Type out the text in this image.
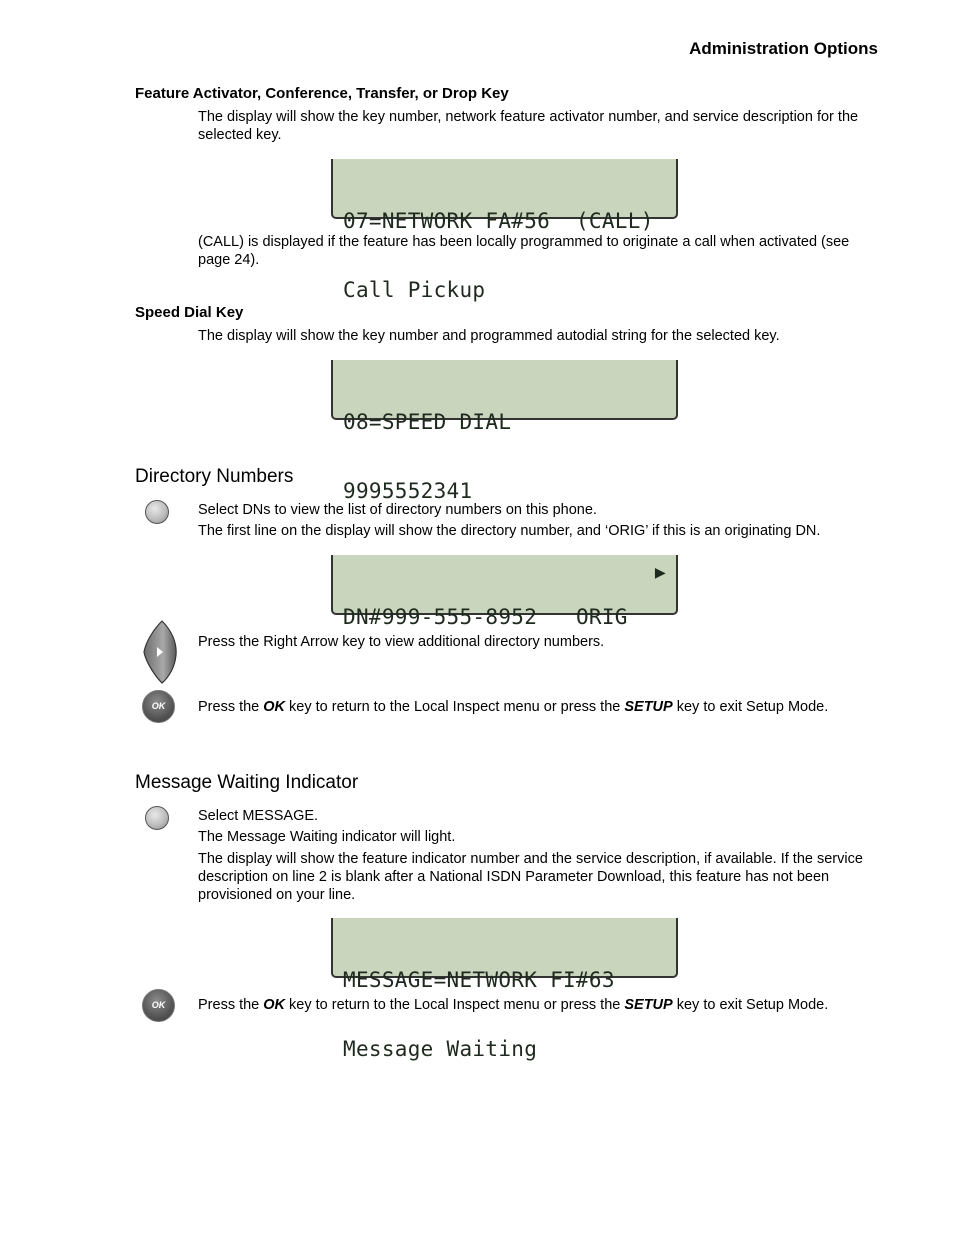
Administration Options
Feature Activator, Conference, Transfer, or Drop Key
The display will show the key number, network feature activator number, and service description for the selected key.

07=NETWORK FA#56  (CALL)

Call Pickup

(CALL) is displayed if the feature has been locally programmed to originate a call when activated (see page 24).
Speed Dial Key
The display will show the key number and programmed autodial string for the selected key.

08=SPEED DIAL

9995552341

Directory Numbers
Select DNs to view the list of directory numbers on this phone.
The first line on the display will show the directory number, and ‘ORIG’ if this is an originating DN.

DN#999-555-8952   ORIG

▶

Press the Right Arrow key to view additional directory numbers.
OK	Press the OK key to return to the Local Inspect menu or press the SETUP key to exit Setup Mode.
Message Waiting Indicator
Select MESSAGE.
The Message Waiting indicator will light.
The display will show the feature indicator number and the service description, if available. If the service description on line 2 is blank after a National ISDN Parameter Download, this feature has not been provisioned on your line.

MESSAGE=NETWORK FI#63

Message Waiting

OK	Press the OK key to return to the Local Inspect menu or press the SETUP key to exit Setup Mode.
